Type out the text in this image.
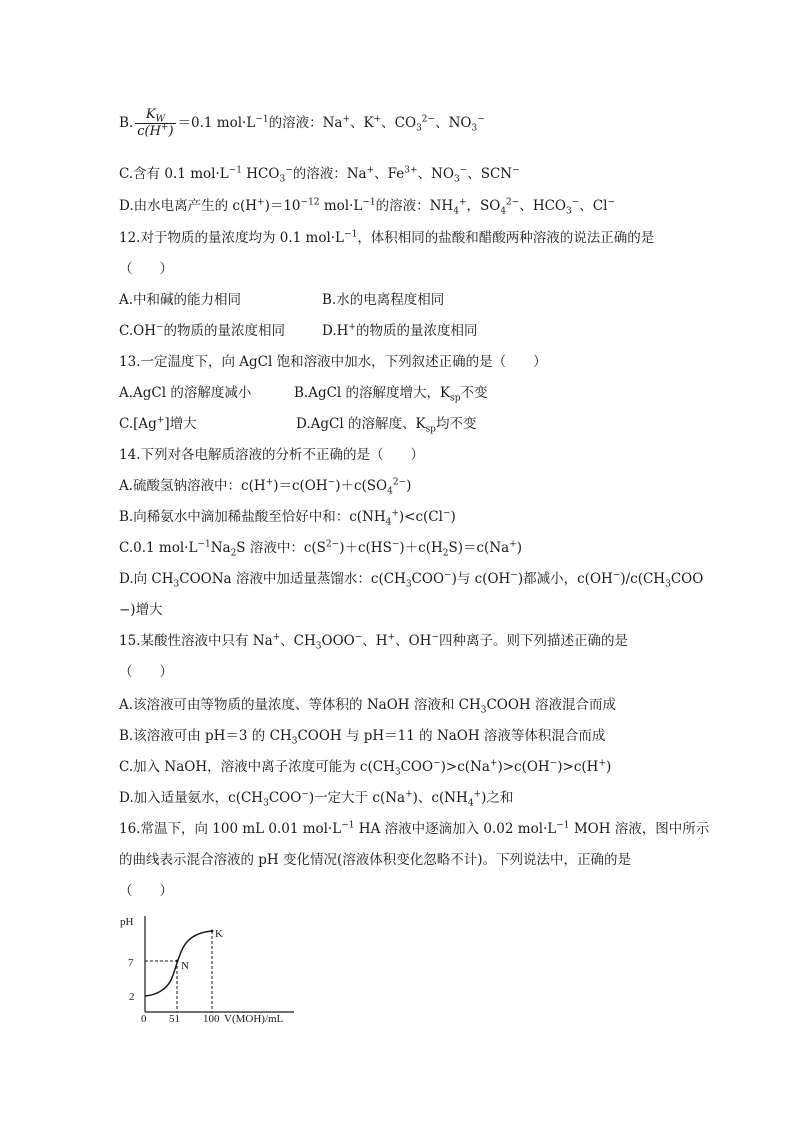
B. $\frac{K_W}{c(H^+)} =0.1$ $mol\cdot L^{-1}$的溶液：Na+、K+、$CO_3^{2-}$、$NO_3^-$
C.含有 0.1 $mol\cdot L^{-1}$ $HCO_3^-$的溶液：Na+、$Fe^{3+}$、$NO_3^-$、SCN−
D.由水电离产生的 $c(H^+)=10^{-12}$ $mol\cdot L^{-1}$的溶液：$NH_4^+$，$SO_4^{2-}$、$HCO_3^-$、Cl−
12.对于物质的量浓度均为 0.1 $mol\cdot L^{-1}$，体积相同的盐酸和醋酸两种溶液的说法正确的是
（　　）
A.中和碱的能力相同	B.水的电离程度相同
C.OH−的物质的量浓度相同	D.H+的物质的量浓度相同
13.一定温度下，向 AgCl 饱和溶液中加水，下列叙述正确的是（　　）
A.AgCl 的溶解度减小	B.AgCl 的溶解度增大，$K_{sp}$不变
C.[Ag+]增大	D.AgCl 的溶解度、$K_{sp}$均不变
14.下列对各电解质溶液的分析不正确的是（　　）
A.硫酸氢钠溶液中：$c(H^+)=c(OH^-)+c(SO_4^{2-})$
B.向稀氨水中滴加稀盐酸至恰好中和：$c(NH_4^+)<c(Cl^-)$
C.0.1 $mol\cdot L^{-1}Na_2S$ 溶液中：$c(S^{2-})+c(HS^-)+c(H_2S)=c(Na^+)$
D.向 $CH_3COONa$ 溶液中加适量蒸馏水：$c(CH_3COO^-)$与 c(OH−)都减小，$c(OH^-)/c(CH_3COO$
−)增大
15.某酸性溶液中只有 Na+、$CH_3OOO^-$、H+、OH−四种离子。则下列描述正确的是
（　　）
A.该溶液可由等物质的量浓度、等体积的 NaOH 溶液和 $CH_3COOH$ 溶液混合而成
B.该溶液可由 pH＝3 的 $CH_3COOH$ 与 pH＝11 的 NaOH 溶液等体积混合而成
C.加入 NaOH，溶液中离子浓度可能为 $c(CH_3COO^-)>c(Na^+)>c(OH^-)>c(H^+)$
D.加入适量氨水，$c(CH_3COO^-)$一定大于 c(Na+)、$c(NH_4^+)$之和
16.常温下，向 100 mL 0.01 $mol\cdot L^{-1}$ HA 溶液中逐滴加入 0.02 $mol\cdot L^{-1}$ MOH 溶液，图中所示
的曲线表示混合溶液的 pH 变化情况(溶液体积变化忽略不计)。下列说法中，正确的是
（　　）
pH
7
2
0 51 100 V(MOH)/mL
N
K
